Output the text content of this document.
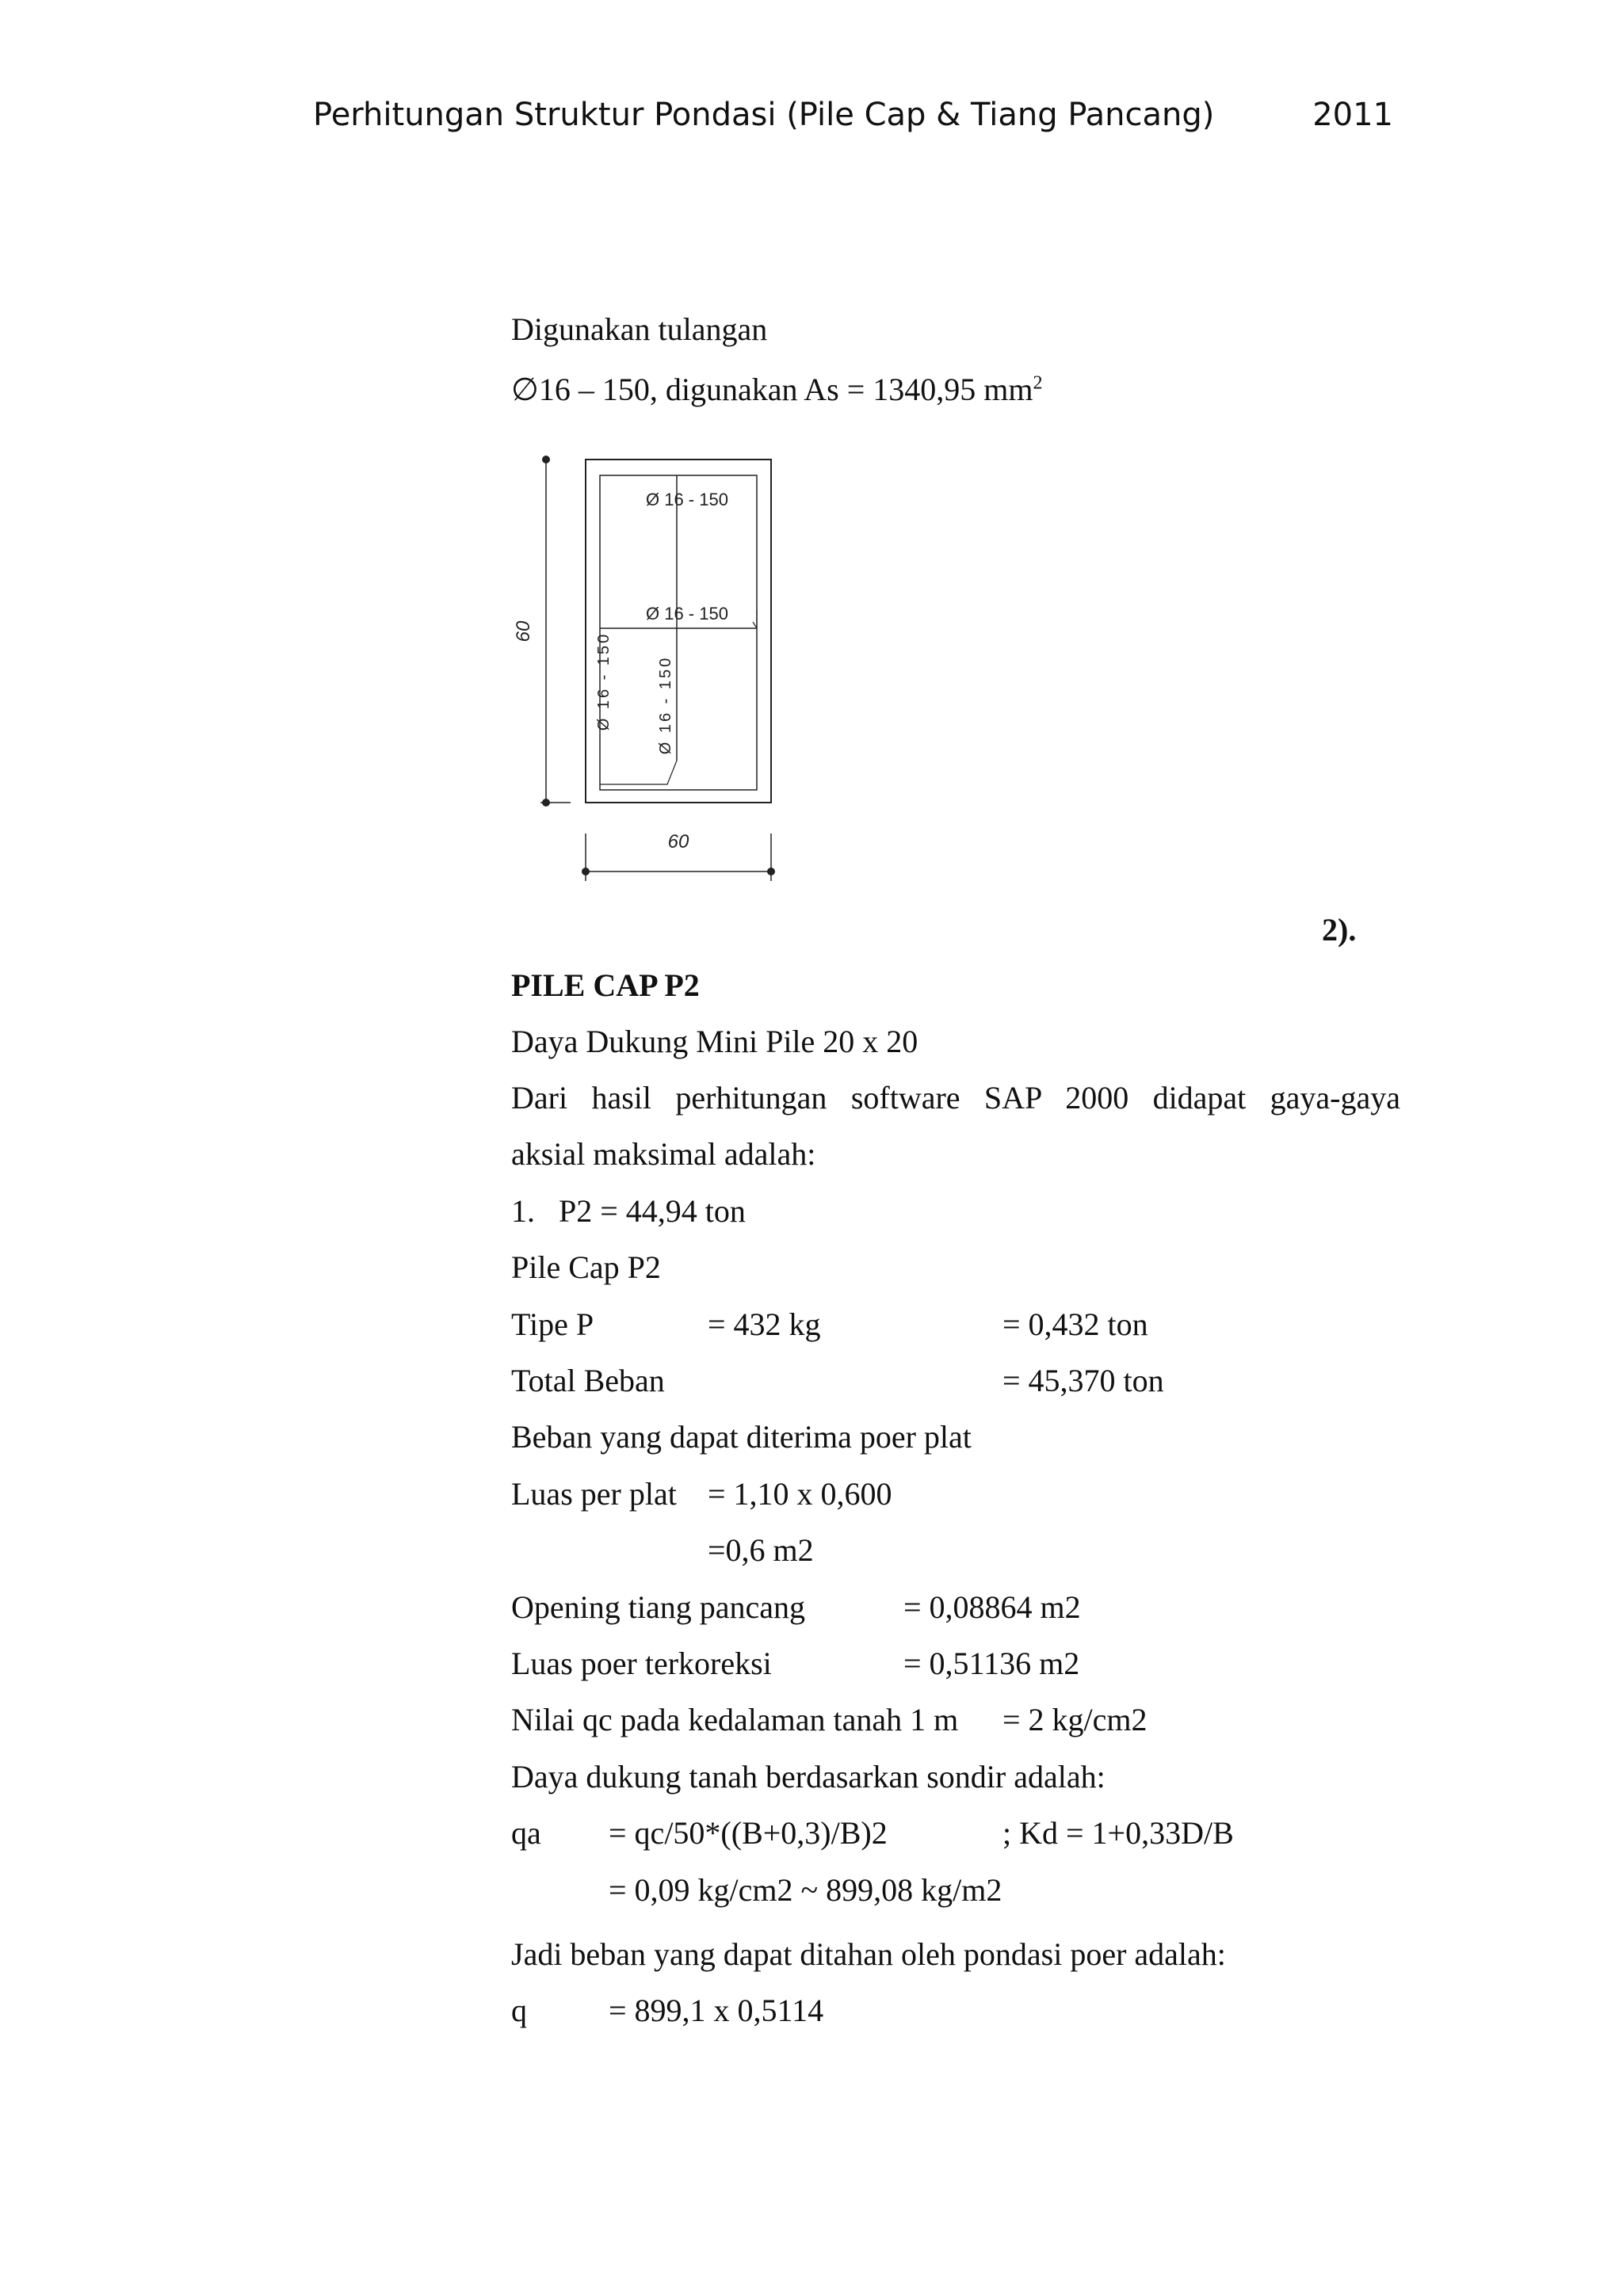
Perhitungan Struktur Pondasi (Pile Cap & Tiang Pancang)	2011
Digunakan tulangan
∅16 – 150, digunakan As = 1340,95 $mm^2$
Ø 16 - 150
Ø 16 - 150
Ø 16 - 150	Ø 16 - 150
60
60
2).
PILE CAP P2
Daya Dukung Mini Pile 20 x 20
Dari hasil perhitungan software SAP 2000 didapat gaya-gaya
aksial maksimal adalah:
1. P2 = 44,94 ton
Pile Cap P2
Tipe P	= 432 kg	= 0,432 ton
Total Beban	= 45,370 ton
Beban yang dapat diterima poer plat
Luas per plat = 1,10 x 0,600
=0,6 m2
Opening tiang pancang	= 0,08864 m2
Luas poer terkoreksi	= 0,51136 m2
Nilai qc pada kedalaman tanah 1 m = 2 kg/cm2
Daya dukung tanah berdasarkan sondir adalah:
qa = qc/50*((B+0,3)/B)2	; Kd = 1+0,33D/B
= 0,09 kg/cm2 ~ 899,08 kg/m2
Jadi beban yang dapat ditahan oleh pondasi poer adalah:
q	= 899,1 x 0,5114
